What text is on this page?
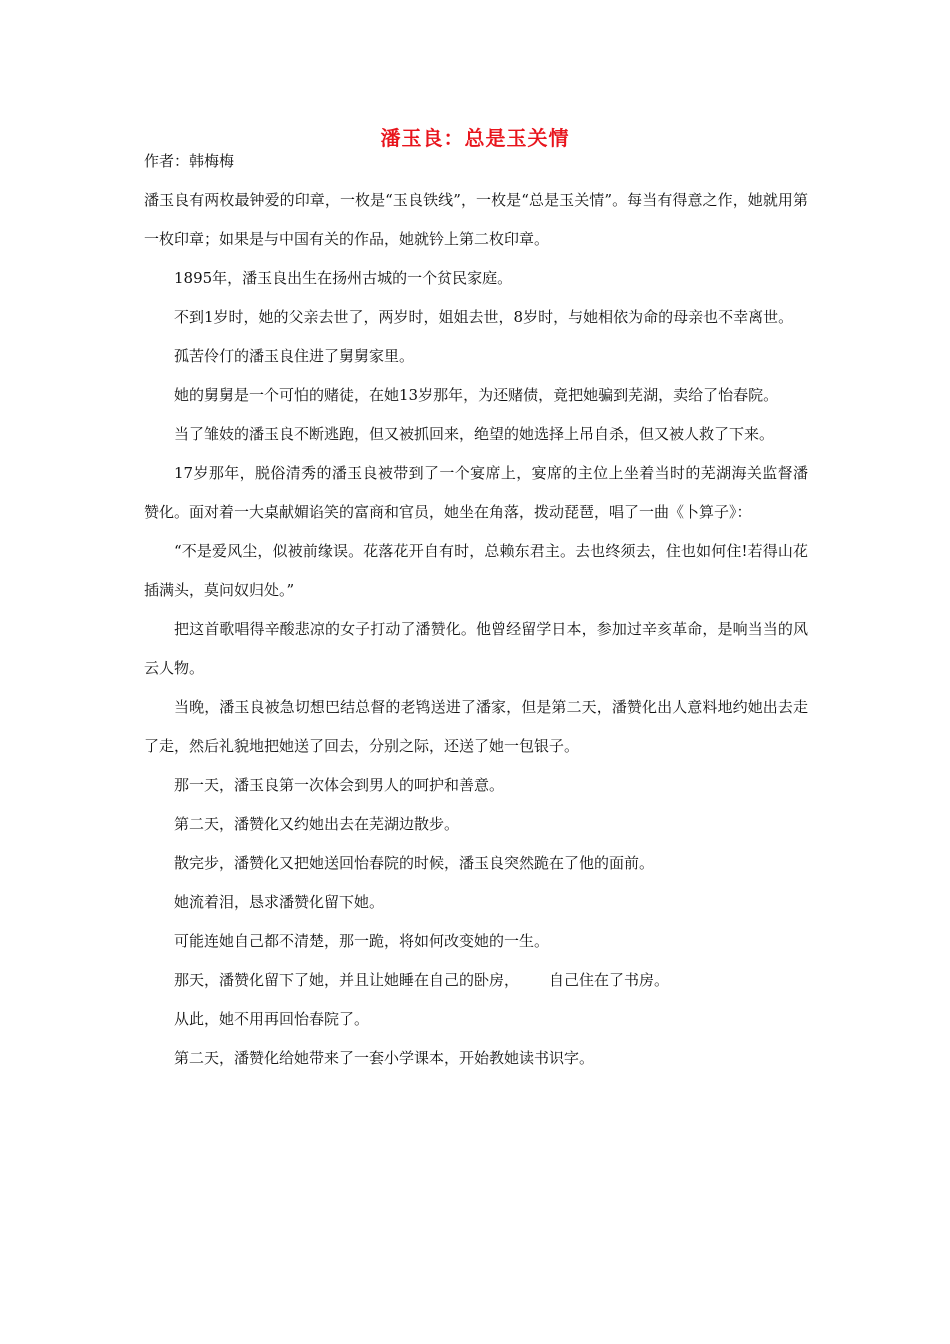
潘玉良：总是玉关情
作者：韩梅梅

潘玉良有两枚最钟爱的印章，一枚是“玉良铁线”，一枚是“总是玉关情”。每当有得意之作，她就用第一枚印章；如果是与中国有关的作品，她就钤上第二枚印章。

1895年，潘玉良出生在扬州古城的一个贫民家庭。

不到1岁时，她的父亲去世了，两岁时，姐姐去世，8岁时，与她相依为命的母亲也不幸离世。

孤苦伶仃的潘玉良住进了舅舅家里。

她的舅舅是一个可怕的赌徒，在她13岁那年，为还赌债，竟把她骗到芜湖，卖给了怡春院。

当了雏妓的潘玉良不断逃跑，但又被抓回来，绝望的她选择上吊自杀，但又被人救了下来。

17岁那年，脱俗清秀的潘玉良被带到了一个宴席上，宴席的主位上坐着当时的芜湖海关监督潘赞化。面对着一大桌献媚谄笑的富商和官员，她坐在角落，拨动琵琶，唱了一曲《卜算子》：

“不是爱风尘，似被前缘误。花落花开自有时，总赖东君主。去也终须去，住也如何住!若得山花插满头，莫问奴归处。”

把这首歌唱得辛酸悲凉的女子打动了潘赞化。他曾经留学日本，参加过辛亥革命，是响当当的风云人物。

当晚，潘玉良被急切想巴结总督的老鸨送进了潘家，但是第二天，潘赞化出人意料地约她出去走了走，然后礼貌地把她送了回去，分别之际，还送了她一包银子。

那一天，潘玉良第一次体会到男人的呵护和善意。

第二天，潘赞化又约她出去在芜湖边散步。

散完步，潘赞化又把她送回怡春院的时候，潘玉良突然跪在了他的面前。

她流着泪，恳求潘赞化留下她。

可能连她自己都不清楚，那一跪，将如何改变她的一生。

那天，潘赞化留下了她，并且让她睡在自己的卧房， 自己住在了书房。

从此，她不用再回怡春院了。

第二天，潘赞化给她带来了一套小学课本，开始教她读书识字。
